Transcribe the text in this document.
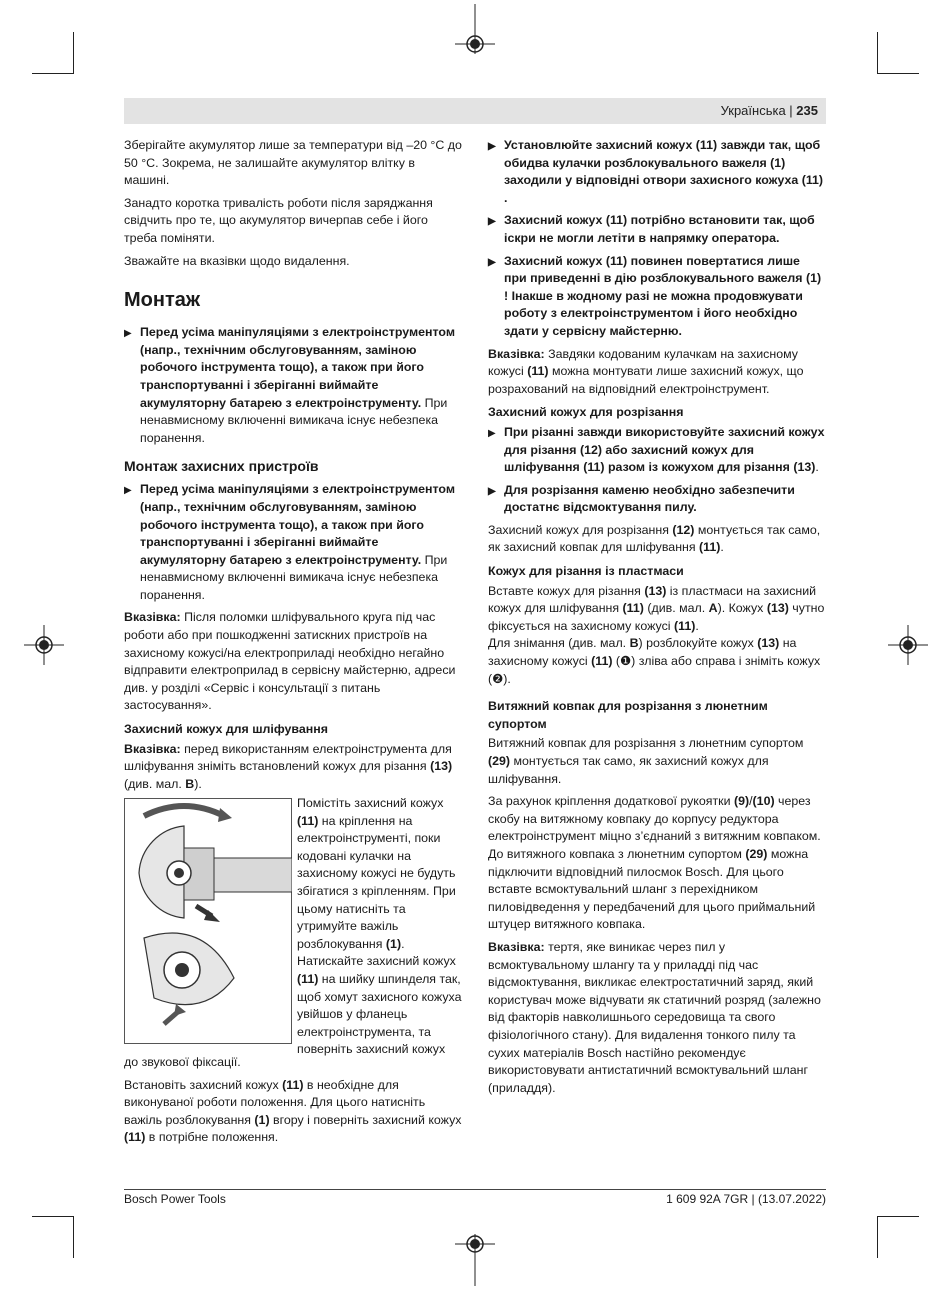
Українська | 235

Зберігайте акумулятор лише за температури від –20 °C до 50 °C. Зокрема, не залишайте акумулятор влітку в машині.

Занадто коротка тривалість роботи після заряджання свідчить про те, що акумулятор вичерпав себе і його треба поміняти.

Зважайте на вказівки щодо видалення.

Монтаж
▶ Перед усіма маніпуляціями з електроінструментом (напр., технічним обслуговуванням, заміною робочого інструмента тощо), а також при його транспортуванні і зберіганні виймайте акумуляторну батарею з електроінструменту. При ненавмисному включенні вимикача існує небезпека поранення.
Монтаж захисних пристроїв
▶ Перед усіма маніпуляціями з електроінструментом (напр., технічним обслуговуванням, заміною робочого інструмента тощо), а також при його транспортуванні і зберіганні виймайте акумуляторну батарею з електроінструменту. При ненавмисному включенні вимикача існує небезпека поранення.

Вказівка: Після поломки шліфувального круга під час роботи або при пошкодженні затискних пристроїв на захисному кожусі/на електроприладі необхідно негайно відправити електроприлад в сервісну майстерню, адреси див. у розділі «Сервіс і консультації з питань застосування».

Захисний кожух для шліфування

Вказівка: перед використанням електроінструмента для шліфування зніміть встановлений кожух для різання (13) (див. мал. B).

Помістіть захисний кожух (11) на кріплення на електроінструменті, поки кодовані кулачки на захисному кожусі не будуть збігатися з кріпленням. При цьому натисніть та утримуйте важіль розблокування (1). Натискайте захисний кожух (11) на шийку шпинделя так, щоб хомут захисного кожуха увійшов у фланець електроінструмента, та поверніть захисний кожух

до звукової фіксації.

Встановіть захисний кожух (11) в необхідне для виконуваної роботи положення. Для цього натисніть важіль розблокування (1) вгору і поверніть захисний кожух (11) в потрібне положення.

▶ Установлюйте захисний кожух (11) завжди так, щоб обидва кулачки розблокувального важеля (1) заходили у відповідні отвори захисного кожуха (11) .
▶ Захисний кожух (11) потрібно встановити так, щоб іскри не могли летіти в напрямку оператора.
▶ Захисний кожух (11) повинен повертатися лише при приведенні в дію розблокувального важеля (1) ! Інакше в жодному разі не можна продовжувати роботу з електроінструментом і його необхідно здати у сервісну майстерню.

Вказівка: Завдяки кодованим кулачкам на захисному кожусі (11) можна монтувати лише захисний кожух, що розрахований на відповідний електроінструмент.

Захисний кожух для розрізання
▶ При різанні завжди використовуйте захисний кожух для різання (12) або захисний кожух для шліфування (11) разом із кожухом для різання (13).
▶ Для розрізання каменю необхідно забезпечити достатнє відсмоктування пилу.

Захисний кожух для розрізання (12) монтується так само, як захисний ковпак для шліфування (11).

Кожух для різання із пластмаси

Вставте кожух для різання (13) із пластмаси на захисний кожух для шліфування (11) (див. мал. A). Кожух (13) чутно фіксується на захисному кожусі (11).

Для знімання (див. мал. B) розблокуйте кожух (13) на захисному кожусі (11) (❶) зліва або справа і зніміть кожух (❷).

Витяжний ковпак для розрізання з люнетним супортом

Витяжний ковпак для розрізання з люнетним супортом (29) монтується так само, як захисний кожух для шліфування.

За рахунок кріплення додаткової рукоятки (9)/(10) через скобу на витяжному ковпаку до корпусу редуктора електроінструмент міцно з’єднаний з витяжним ковпаком. До витяжного ковпака з люнетним супортом (29) можна підключити відповідний пилосмок Bosch. Для цього вставте всмоктувальний шланг з перехідником пиловідведення у передбачений для цього приймальний штуцер витяжного ковпака.

Вказівка: тертя, яке виникає через пил у всмоктувальному шлангу та у приладді під час відсмоктування, викликає електростатичний заряд, який користувач може відчувати як статичний розряд (залежно від факторів навколишнього середовища та свого фізіологічного стану). Для видалення тонкого пилу та сухих матеріалів Bosch настійно рекомендує використовувати антистатичний всмоктувальний шланг (приладдя).

Bosch Power Tools	1 609 92A 7GR | (13.07.2022)
